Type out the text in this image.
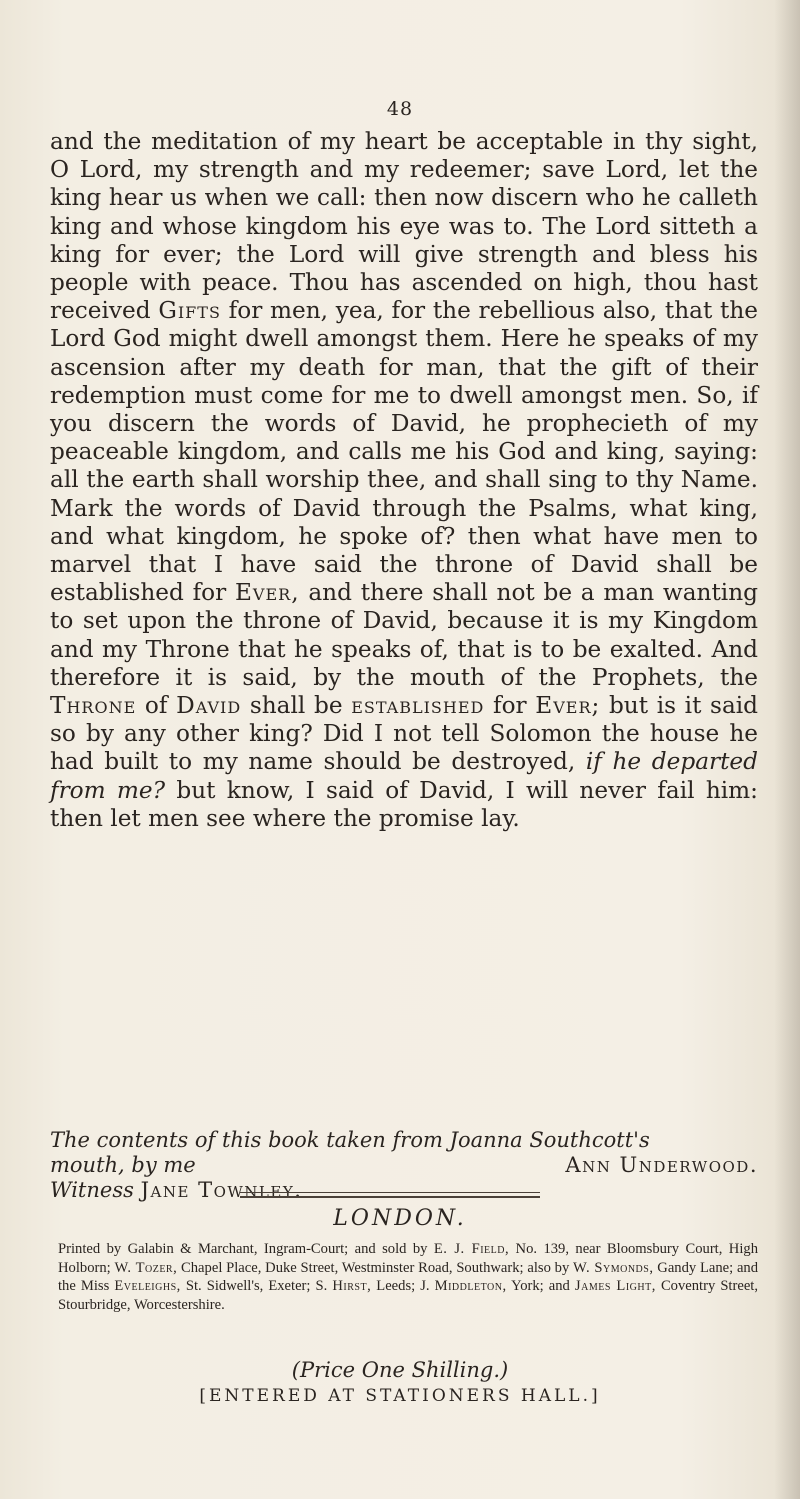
48

and the meditation of my heart be acceptable in thy sight, O Lord, my strength and my redeemer; save Lord, let the king hear us when we call: then now discern who he calleth king and whose kingdom his eye was to. The Lord sitteth a king for ever; the Lord will give strength and bless his people with peace. Thou has ascended on high, thou hast received Gifts for men, yea, for the rebellious also, that the Lord God might dwell amongst them. Here he speaks of my ascension after my death for man, that the gift of their redemption must come for me to dwell amongst men. So, if you discern the words of David, he prophecieth of my peaceable kingdom, and calls me his God and king, saying: all the earth shall worship thee, and shall sing to thy Name. Mark the words of David through the Psalms, what king, and what kingdom, he spoke of? then what have men to marvel that I have said the throne of David shall be established for Ever, and there shall not be a man wanting to set upon the throne of David, because it is my Kingdom and my Throne that he speaks of, that is to be exalted. And therefore it is said, by the mouth of the Prophets, the Throne of David shall be established for Ever; but is it said so by any other king? Did I not tell Solomon the house he had built to my name should be destroyed, if he departed from me? but know, I said of David, I will never fail him: then let men see where the promise lay.

The contents of this book taken from Joanna Southcott's
mouth, by me	Ann Underwood.
Witness Jane Townley.
LONDON.
Printed by Galabin & Marchant, Ingram-Court; and sold by E. J. Field, No. 139, near Bloomsbury Court, High Holborn; W. Tozer, Chapel Place, Duke Street, Westminster Road, Southwark; also by W. Symonds, Gandy Lane; and the Miss Eveleighs, St. Sidwell's, Exeter; S. Hirst, Leeds; J. Middleton, York; and James Light, Coventry Street, Stourbridge, Worcestershire.
(Price One Shilling.)
[ENTERED AT STATIONERS HALL.]
